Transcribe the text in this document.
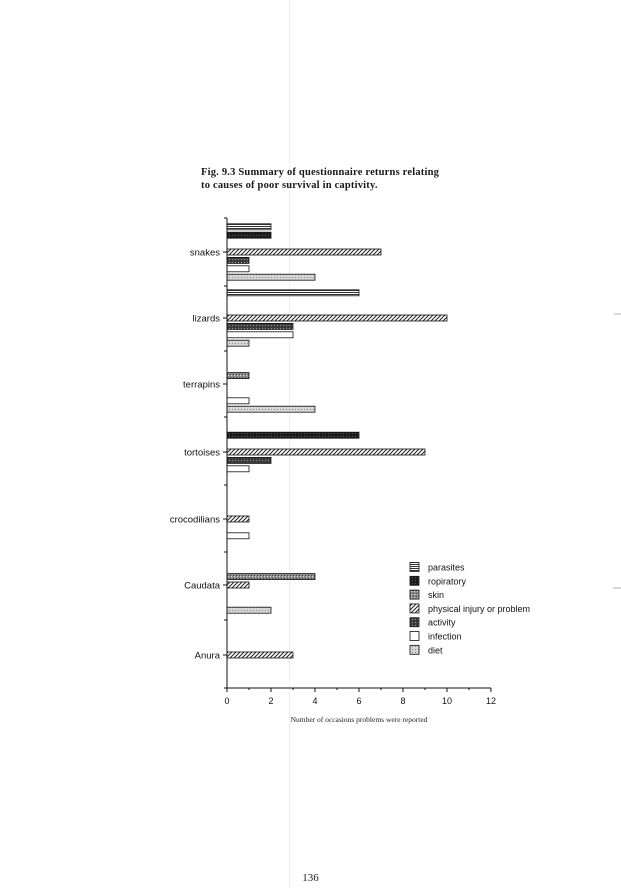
Fig. 9.3 Summary of questionnaire returns relating
to causes of poor survival in captivity.
0	2	4	6	8	10	12
Number of occasions problems were reported
snakes
lizards
terrapins
tortoises
crocodilians
Caudata
Anura
parasites
ropiratory
skin
physical injury or problem
activity
infection
diet
136
